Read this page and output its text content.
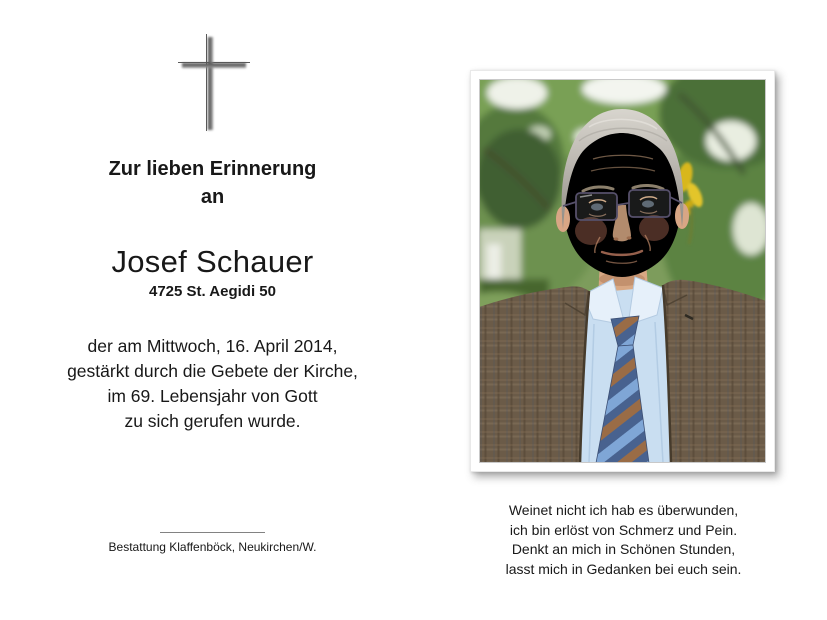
Zur lieben Erinnerung
an
Josef Schauer
4725 St. Aegidi 50
der am Mittwoch, 16. April 2014,
gestärkt durch die Gebete der Kirche,
im 69. Lebensjahr von Gott
zu sich gerufen wurde.
Bestattung Klaffenböck, Neukirchen/W.
Weinet nicht ich hab es überwunden,
ich bin erlöst von Schmerz und Pein.
Denkt an mich in Schönen Stunden,
lasst mich in Gedanken bei euch sein.
